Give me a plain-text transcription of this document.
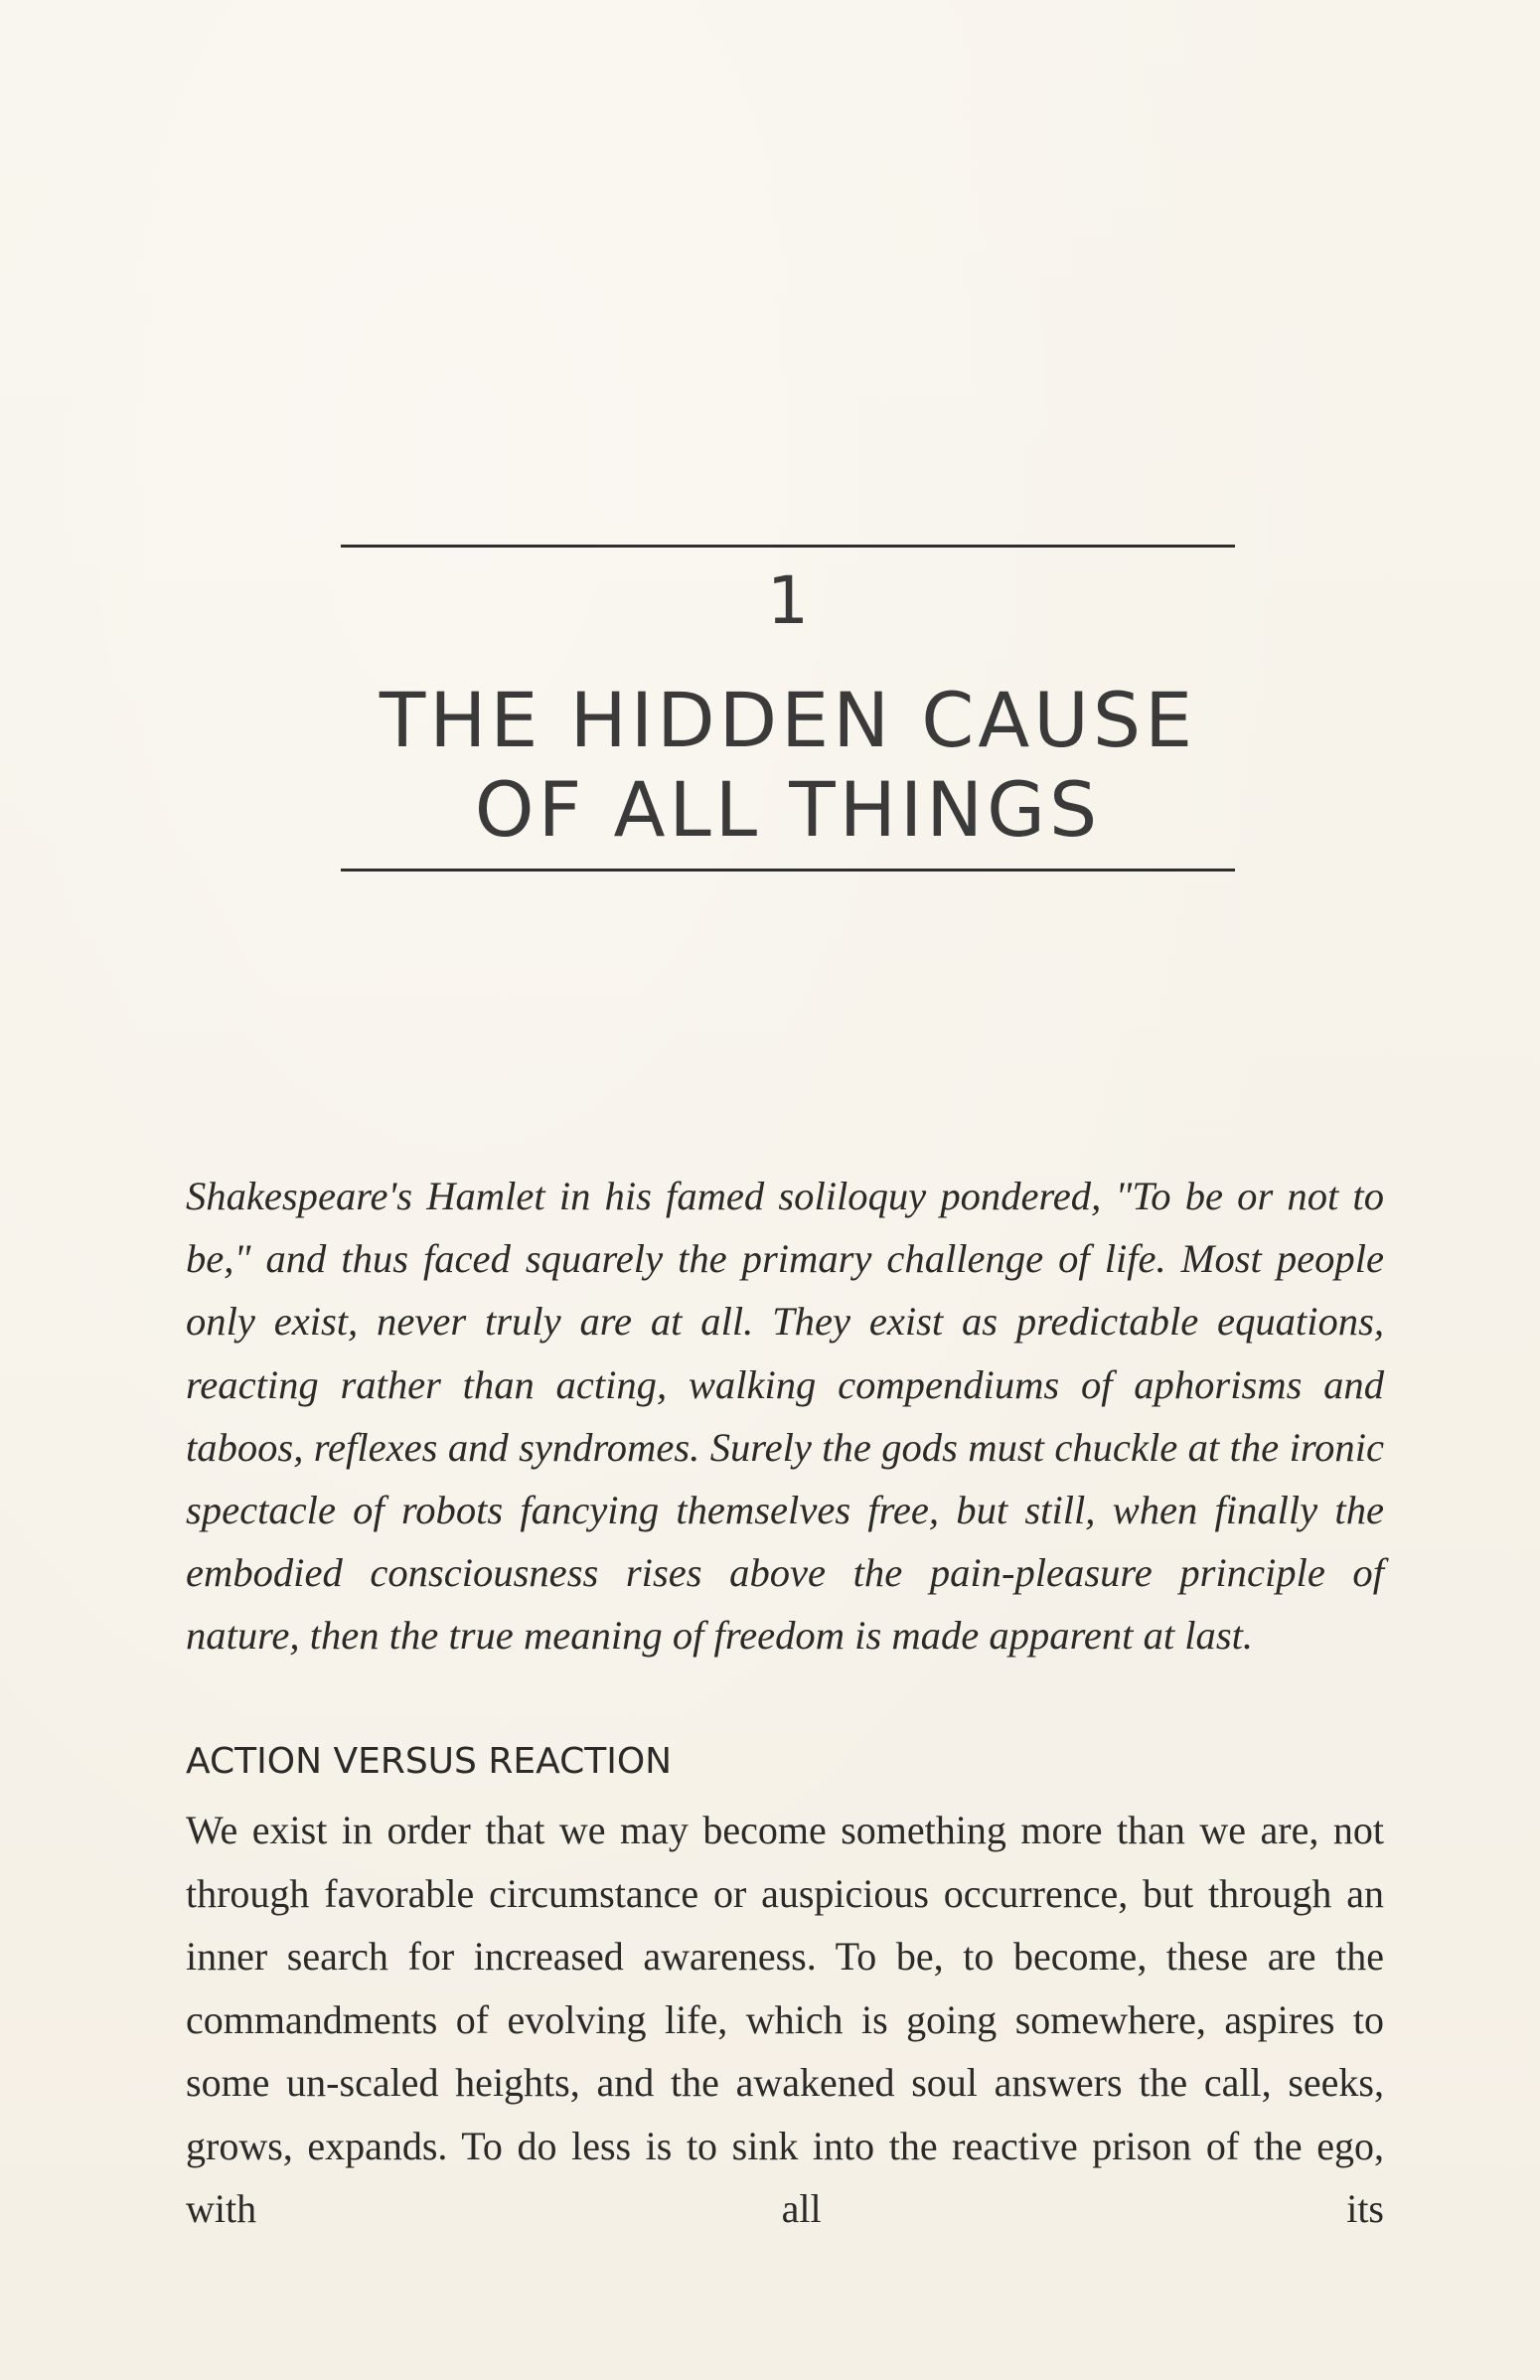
1
THE HIDDEN CAUSE
OF ALL THINGS

Shakespeare's Hamlet in his famed soliloquy pondered, "To be or not to be," and thus faced squarely the primary challenge of life. Most people only exist, never truly are at all. They exist as predictable equations, reacting rather than acting, walking compendiums of aphorisms and taboos, reflexes and syndromes. Surely the gods must chuckle at the ironic spectacle of robots fancying themselves free, but still, when finally the embodied consciousness rises above the pain-pleasure principle of nature, then the true meaning of freedom is made apparent at last.

ACTION VERSUS REACTION

We exist in order that we may become something more than we are, not through favorable circumstance or auspicious occurrence, but through an inner search for increased awareness. To be, to become, these are the commandments of evolving life, which is going somewhere, aspires to some un-scaled heights, and the awakened soul answers the call, seeks, grows, expands. To do less is to sink into the reactive prison of the ego, with all its
